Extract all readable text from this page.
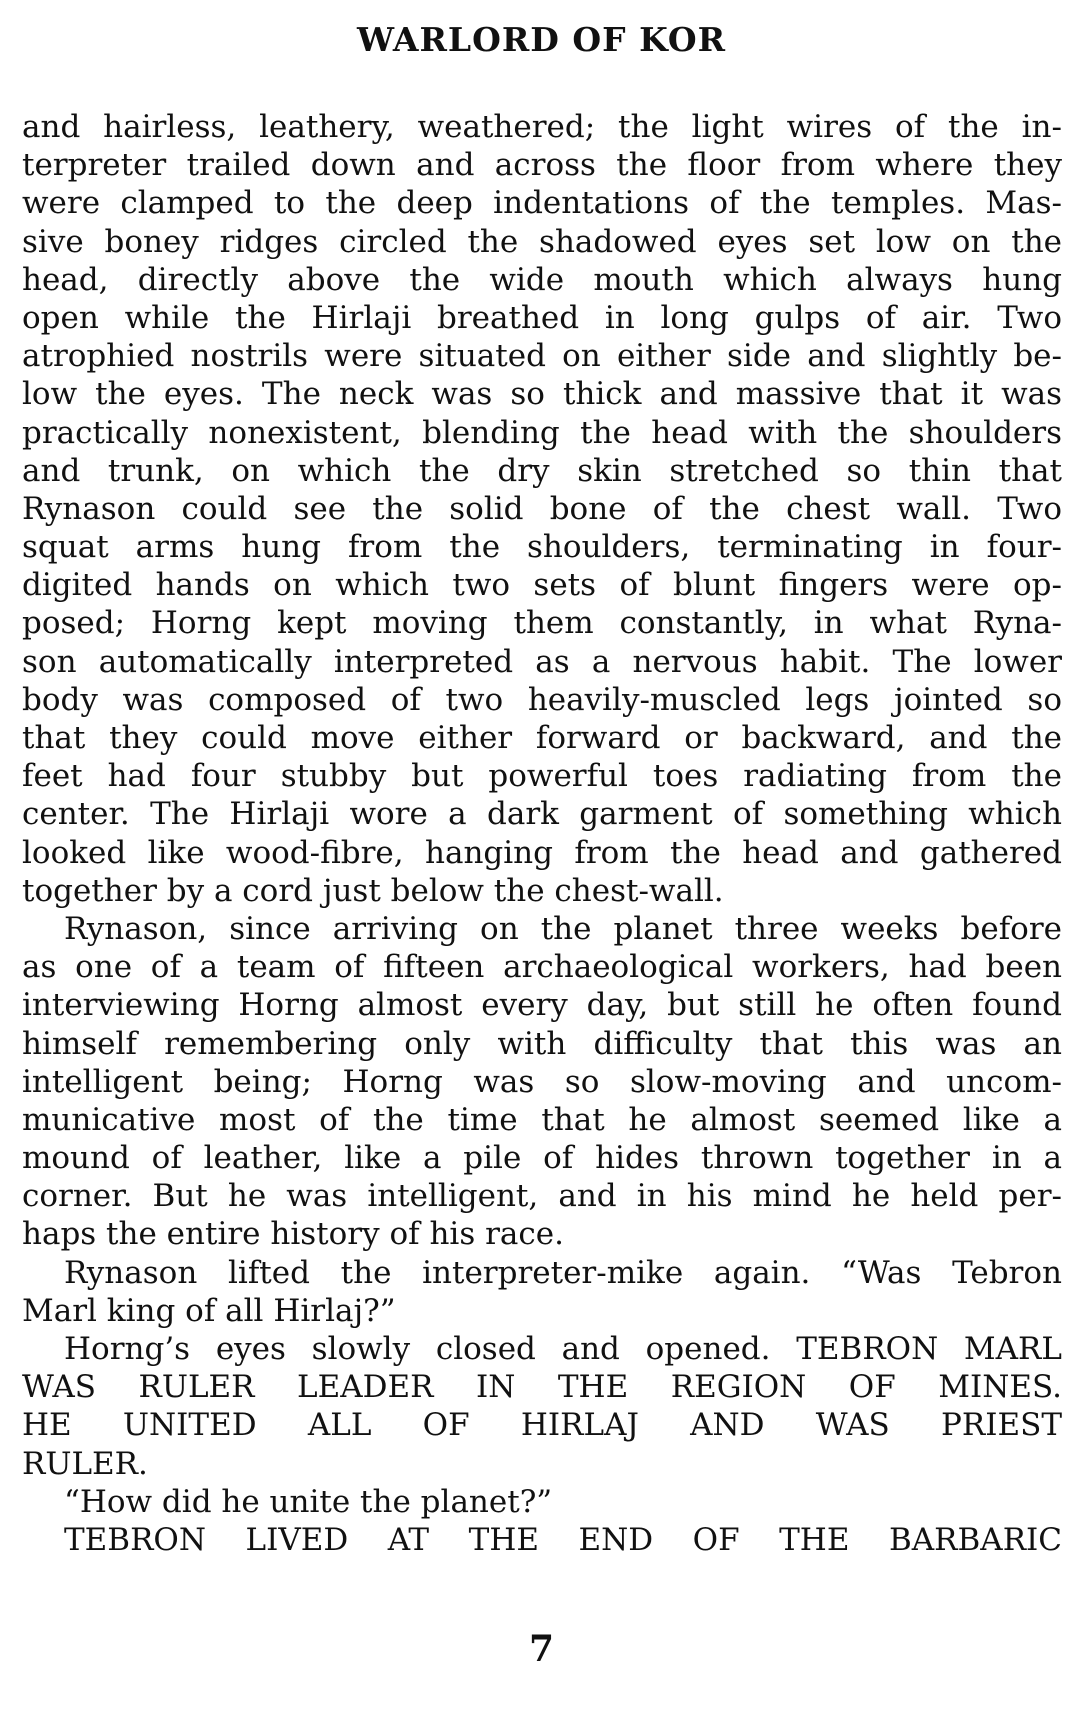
WARLORD OF KOR
and hairless, leathery, weathered; the light wires of the in-
terpreter trailed down and across the floor from where they
were clamped to the deep indentations of the temples. Mas-
sive boney ridges circled the shadowed eyes set low on the
head, directly above the wide mouth which always hung
open while the Hirlaji breathed in long gulps of air. Two
atrophied nostrils were situated on either side and slightly be-
low the eyes. The neck was so thick and massive that it was
practically nonexistent, blending the head with the shoulders
and trunk, on which the dry skin stretched so thin that
Rynason could see the solid bone of the chest wall. Two
squat arms hung from the shoulders, terminating in four-
digited hands on which two sets of blunt fingers were op-
posed; Horng kept moving them constantly, in what Ryna-
son automatically interpreted as a nervous habit. The lower
body was composed of two heavily-muscled legs jointed so
that they could move either forward or backward, and the
feet had four stubby but powerful toes radiating from the
center. The Hirlaji wore a dark garment of something which
looked like wood-fibre, hanging from the head and gathered
together by a cord just below the chest-wall.
Rynason, since arriving on the planet three weeks before
as one of a team of fifteen archaeological workers, had been
interviewing Horng almost every day, but still he often found
himself remembering only with difficulty that this was an
intelligent being; Horng was so slow-moving and uncom-
municative most of the time that he almost seemed like a
mound of leather, like a pile of hides thrown together in a
corner. But he was intelligent, and in his mind he held per-
haps the entire history of his race.
Rynason lifted the interpreter-mike again. “Was Tebron
Marl king of all Hirlaj?”
Horng’s eyes slowly closed and opened. TEBRON MARL
WAS RULER LEADER IN THE REGION OF MINES.
HE UNITED ALL OF HIRLAJ AND WAS PRIEST
RULER.
“How did he unite the planet?”
TEBRON LIVED AT THE END OF THE BARBARIC
7
